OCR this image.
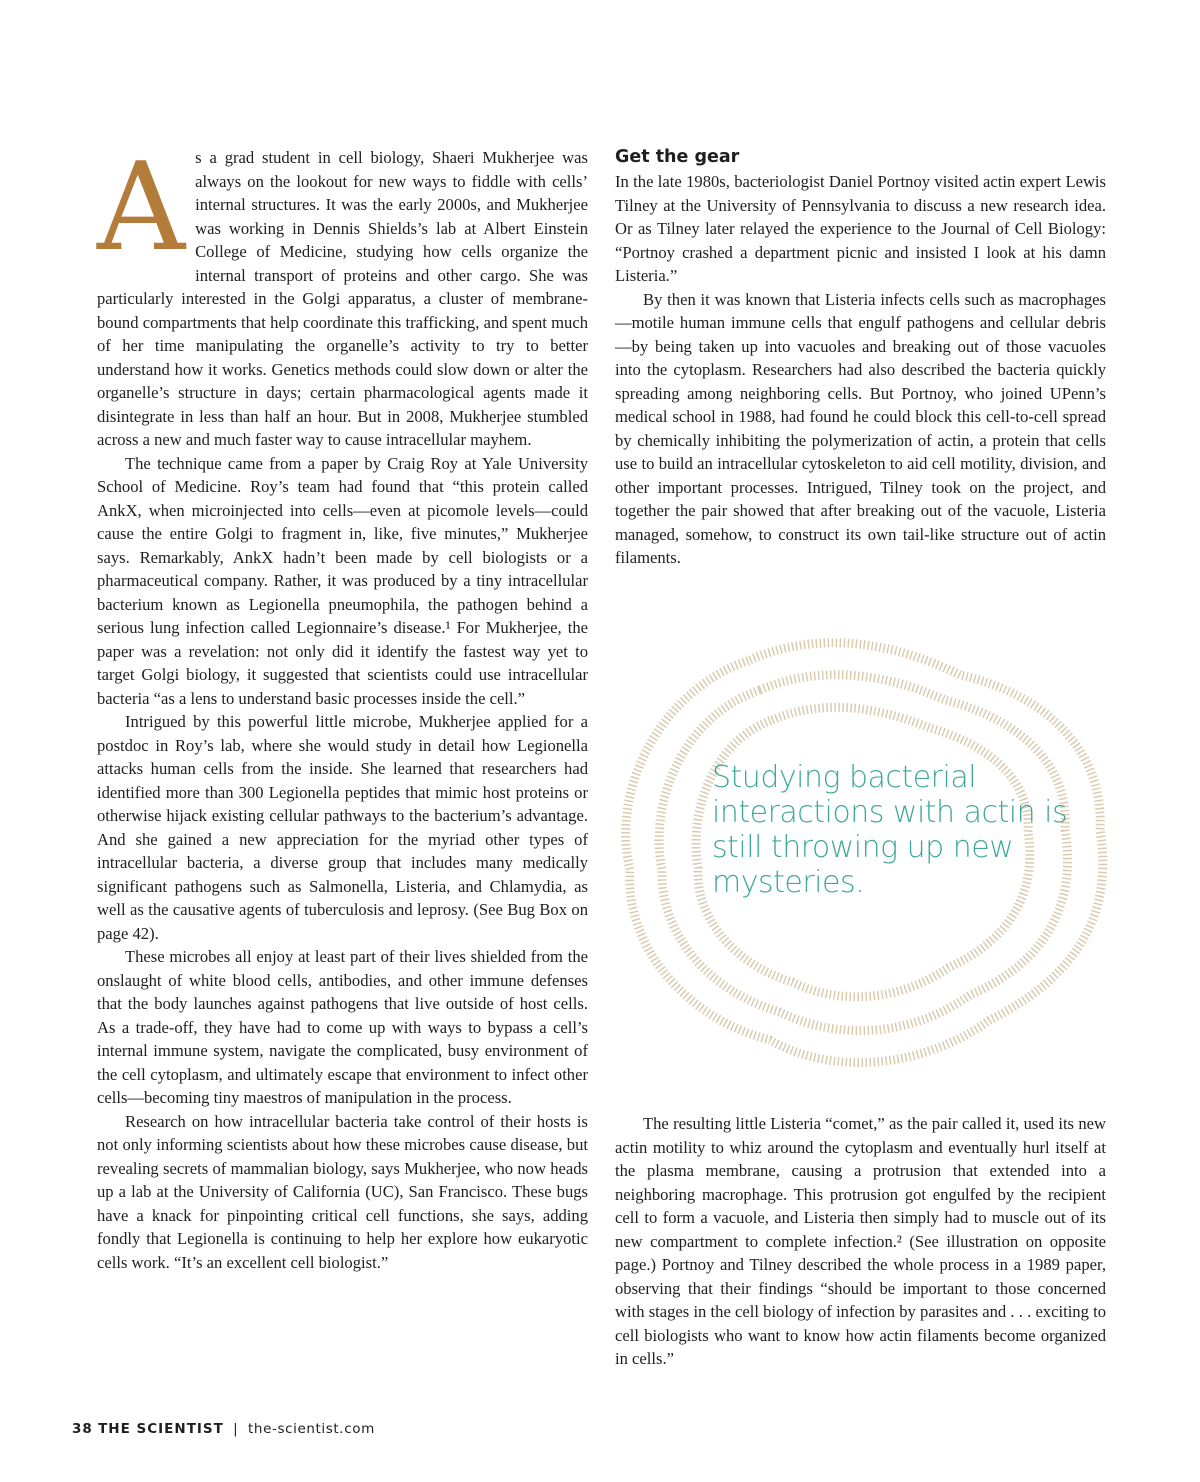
A s a grad student in cell biology, Shaeri Mukherjee was always on the lookout for new ways to fiddle with cells’ internal structures. It was the early 2000s, and Mukherjee was working in Dennis Shields’s lab at Albert Einstein College of Medicine, studying how cells organize the internal transport of proteins and other cargo. She was particularly interested in the Golgi apparatus, a cluster of membrane-bound compartments that help coordinate this trafficking, and spent much of her time manipulating the organelle’s activity to try to better understand how it works. Genetics methods could slow down or alter the organelle’s structure in days; certain pharmacological agents made it disintegrate in less than half an hour. But in 2008, Mukherjee stumbled across a new and much faster way to cause intracellular mayhem.

The technique came from a paper by Craig Roy at Yale University School of Medicine. Roy’s team had found that “this protein called AnkX, when microinjected into cells—even at picomole levels—could cause the entire Golgi to fragment in, like, five minutes,” Mukherjee says. Remarkably, AnkX hadn’t been made by cell biologists or a pharmaceutical company. Rather, it was produced by a tiny intracellular bacterium known as Legionella pneumophila, the pathogen behind a serious lung infection called Legionnaire’s disease.¹ For Mukherjee, the paper was a revelation: not only did it identify the fastest way yet to target Golgi biology, it suggested that scientists could use intracellular bacteria “as a lens to understand basic processes inside the cell.”

Intrigued by this powerful little microbe, Mukherjee applied for a postdoc in Roy’s lab, where she would study in detail how Legionella attacks human cells from the inside. She learned that researchers had identified more than 300 Legionella peptides that mimic host proteins or otherwise hijack existing cellular pathways to the bacterium’s advantage. And she gained a new appreciation for the myriad other types of intracellular bacteria, a diverse group that includes many medically significant pathogens such as Salmonella, Listeria, and Chlamydia, as well as the causative agents of tuberculosis and leprosy. (See Bug Box on page 42).

These microbes all enjoy at least part of their lives shielded from the onslaught of white blood cells, antibodies, and other immune defenses that the body launches against pathogens that live outside of host cells. As a trade-off, they have had to come up with ways to bypass a cell’s internal immune system, navigate the complicated, busy environment of the cell cytoplasm, and ultimately escape that environment to infect other cells—becoming tiny maestros of manipulation in the process.

Research on how intracellular bacteria take control of their hosts is not only informing scientists about how these microbes cause disease, but revealing secrets of mammalian biology, says Mukherjee, who now heads up a lab at the University of California (UC), San Francisco. These bugs have a knack for pinpointing critical cell functions, she says, adding fondly that Legionella is continuing to help her explore how eukaryotic cells work. “It’s an excellent cell biologist.”

Get the gear

In the late 1980s, bacteriologist Daniel Portnoy visited actin expert Lewis Tilney at the University of Pennsylvania to discuss a new research idea. Or as Tilney later relayed the experience to the Journal of Cell Biology: “Portnoy crashed a department picnic and insisted I look at his damn Listeria.”

By then it was known that Listeria infects cells such as macrophages—motile human immune cells that engulf pathogens and cellular debris—by being taken up into vacuoles and breaking out of those vacuoles into the cytoplasm. Researchers had also described the bacteria quickly spreading among neighboring cells. But Portnoy, who joined UPenn’s medical school in 1988, had found he could block this cell-to-cell spread by chemically inhibiting the polymerization of actin, a protein that cells use to build an intracellular cytoskeleton to aid cell motility, division, and other important processes. Intrigued, Tilney took on the project, and together the pair showed that after breaking out of the vacuole, Listeria managed, somehow, to construct its own tail-like structure out of actin filaments.

Studying bacterial interactions with actin is still throwing up new mysteries.

The resulting little Listeria “comet,” as the pair called it, used its new actin motility to whiz around the cytoplasm and eventually hurl itself at the plasma membrane, causing a protrusion that extended into a neighboring macrophage. This protrusion got engulfed by the recipient cell to form a vacuole, and Listeria then simply had to muscle out of its new compartment to complete infection.² (See illustration on opposite page.) Portnoy and Tilney described the whole process in a 1989 paper, observing that their findings “should be important to those concerned with stages in the cell biology of infection by parasites and . . . exciting to cell biologists who want to know how actin filaments become organized in cells.”

38 THE SCIENTIST | the-scientist.com
